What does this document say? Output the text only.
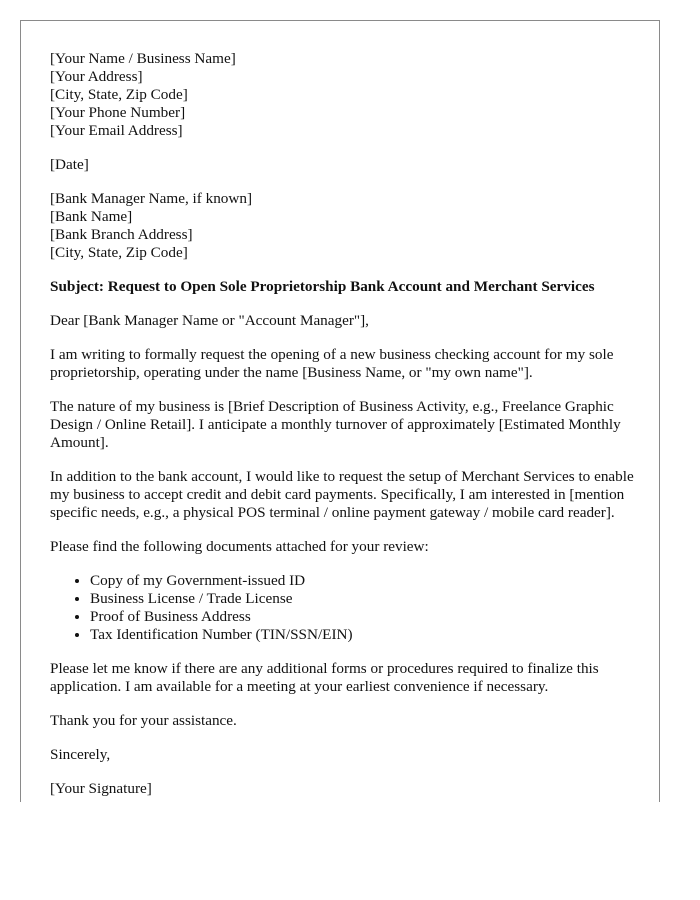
[Your Name / Business Name]
[Your Address]
[City, State, Zip Code]
[Your Phone Number]
[Your Email Address]

[Date]

[Bank Manager Name, if known]
[Bank Name]
[Bank Branch Address]
[City, State, Zip Code]

Subject: Request to Open Sole Proprietorship Bank Account and Merchant Services

Dear [Bank Manager Name or "Account Manager"],

I am writing to formally request the opening of a new business checking account for my sole proprietorship, operating under the name [Business Name, or "my own name"].

The nature of my business is [Brief Description of Business Activity, e.g., Freelance Graphic Design / Online Retail]. I anticipate a monthly turnover of approximately [Estimated Monthly Amount].

In addition to the bank account, I would like to request the setup of Merchant Services to enable my business to accept credit and debit card payments. Specifically, I am interested in [mention specific needs, e.g., a physical POS terminal / online payment gateway / mobile card reader].

Please find the following documents attached for your review:

• Copy of my Government-issued ID
• Business License / Trade License
• Proof of Business Address
• Tax Identification Number (TIN/SSN/EIN)

Please let me know if there are any additional forms or procedures required to finalize this application. I am available for a meeting at your earliest convenience if necessary.

Thank you for your assistance.

Sincerely,

[Your Signature]
